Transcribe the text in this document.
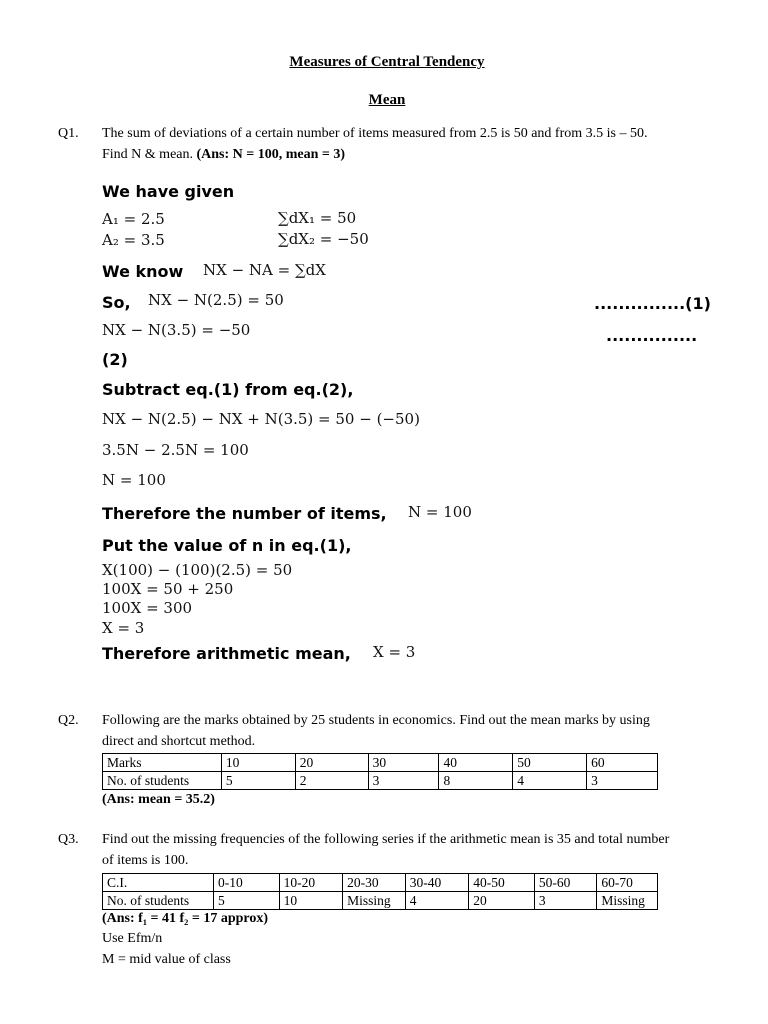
Measures of Central Tendency
Mean
Q1. The sum of deviations of a certain number of items measured from 2.5 is 50 and from 3.5 is – 50.
Find N & mean. (Ans: N = 100, mean = 3)
We have given
A₁ = 2.5
A₂ = 3.5
∑dX₁ = 50
∑dX₂ = −50
We know NX − NA = ∑dX
So, NX − N(2.5) = 50	...............(1)
NX − N(3.5) = −50	...............
(2)
Subtract eq.(1) from eq.(2),
NX − N(2.5) − NX + N(3.5) = 50 − (−50)
3.5N − 2.5N = 100
N = 100
Therefore the number of items, N = 100
Put the value of n in eq.(1),
X(100) − (100)(2.5) = 50
100X = 50 + 250
100X = 300
X = 3
Therefore arithmetic mean, X = 3
Q2. Following are the marks obtained by 25 students in economics. Find out the mean marks by using
direct and shortcut method.
Marks	10	20	30	40	50	60
No. of students	5	2	3	8	4	3
(Ans: mean = 35.2)
Q3. Find out the missing frequencies of the following series if the arithmetic mean is 35 and total number
of items is 100.
C.I.	0-10	10-20	20-30	30-40	40-50	50-60	60-70
No. of students	5	10	Missing	4	20	3	Missing
(Ans: f₁ = 41 f₂ = 17 approx)
Use Efm/n
M = mid value of class
